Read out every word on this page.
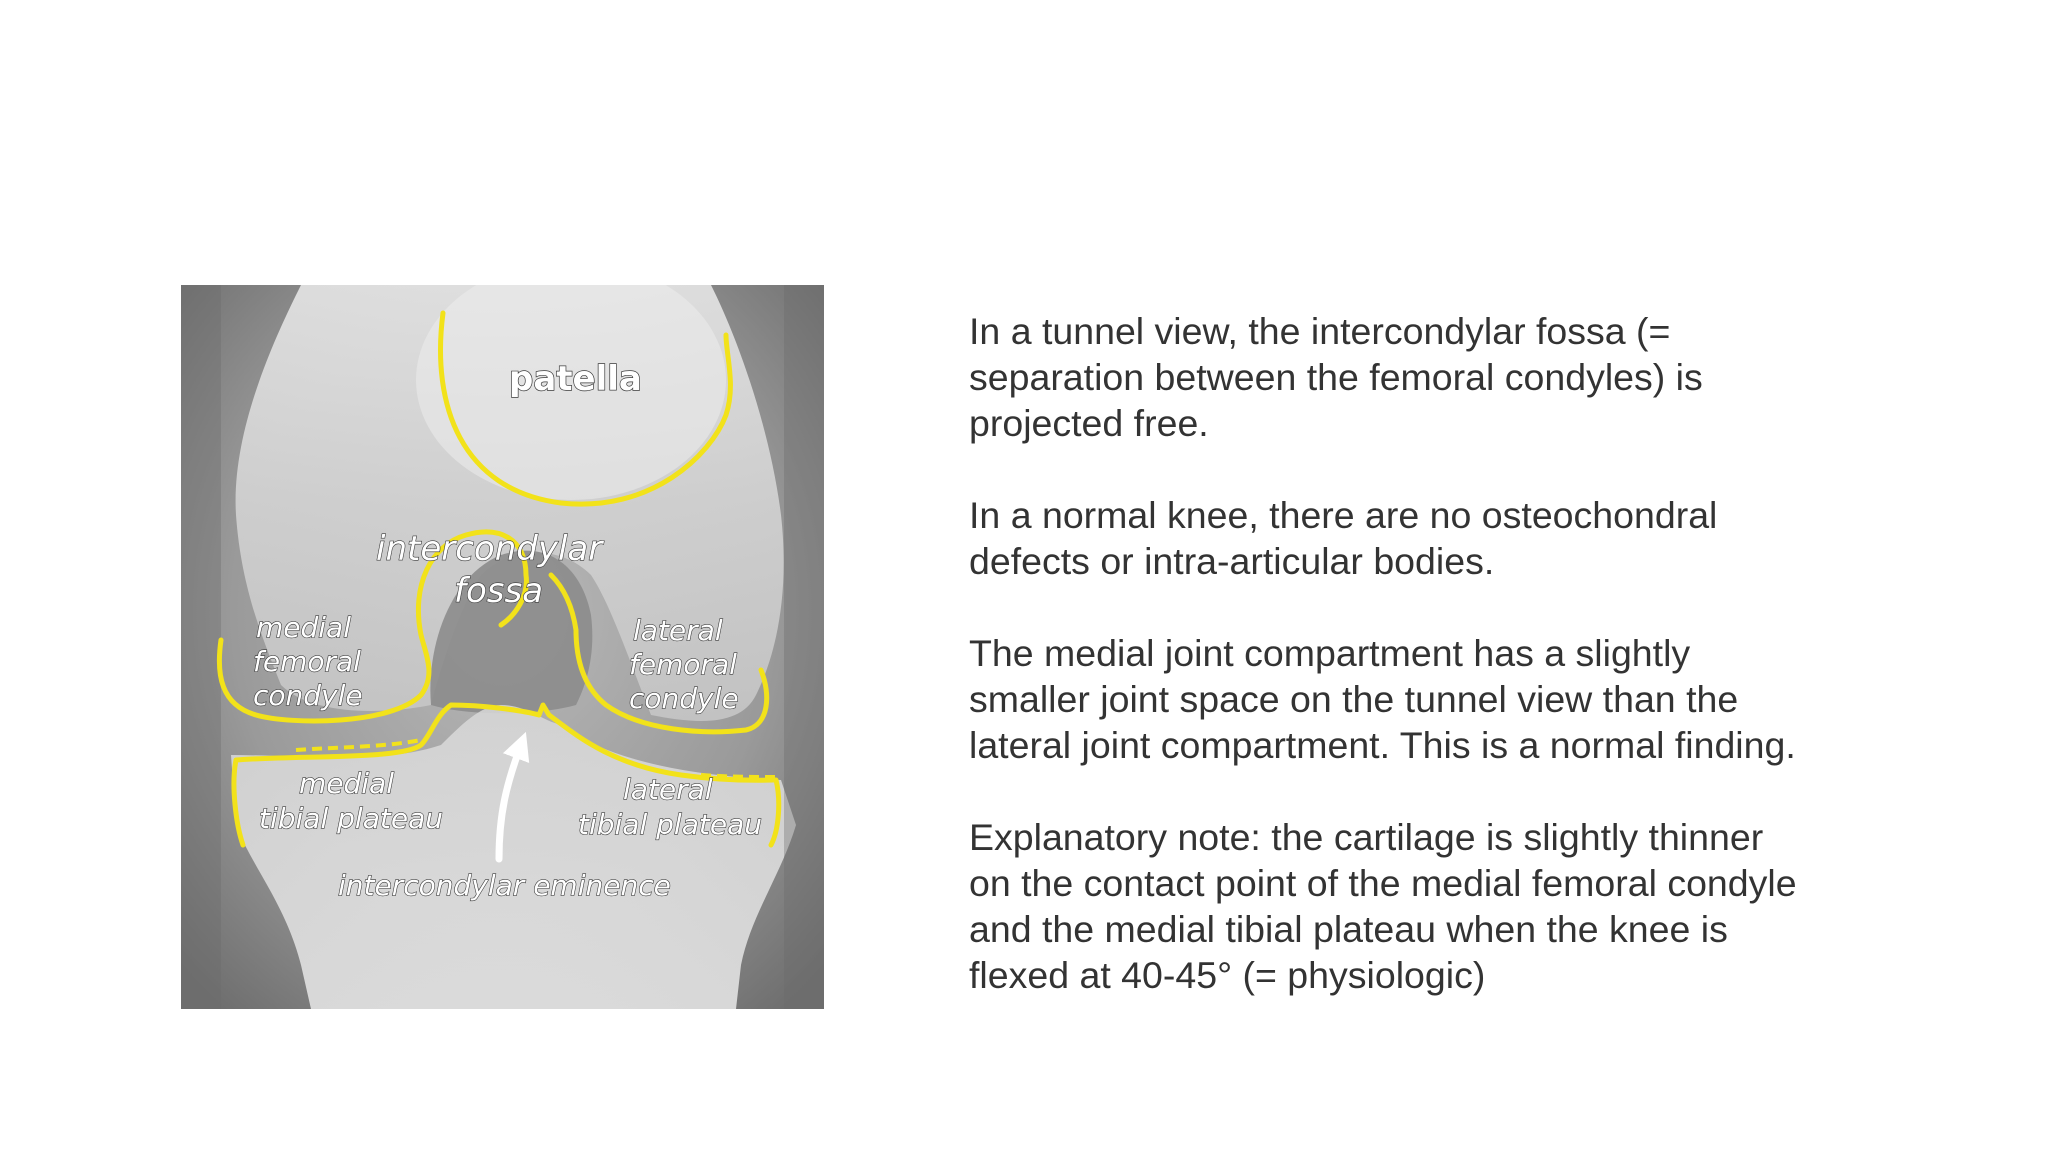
patella
intercondylar
fossa
medial
femoral
condyle
lateral
femoral
condyle
medial
tibial plateau
lateral
tibial plateau
intercondylar eminence

In a tunnel view, the intercondylar fossa (= separation between the femoral condyles) is projected free.

In a normal knee, there are no osteochondral defects or intra-articular bodies.

The medial joint compartment has a slightly smaller joint space on the tunnel view than the lateral joint compartment. This is a normal finding.

Explanatory note: the cartilage is slightly thinner on the contact point of the medial femoral condyle and the medial tibial plateau when the knee is flexed at 40-45° (= physiologic)
